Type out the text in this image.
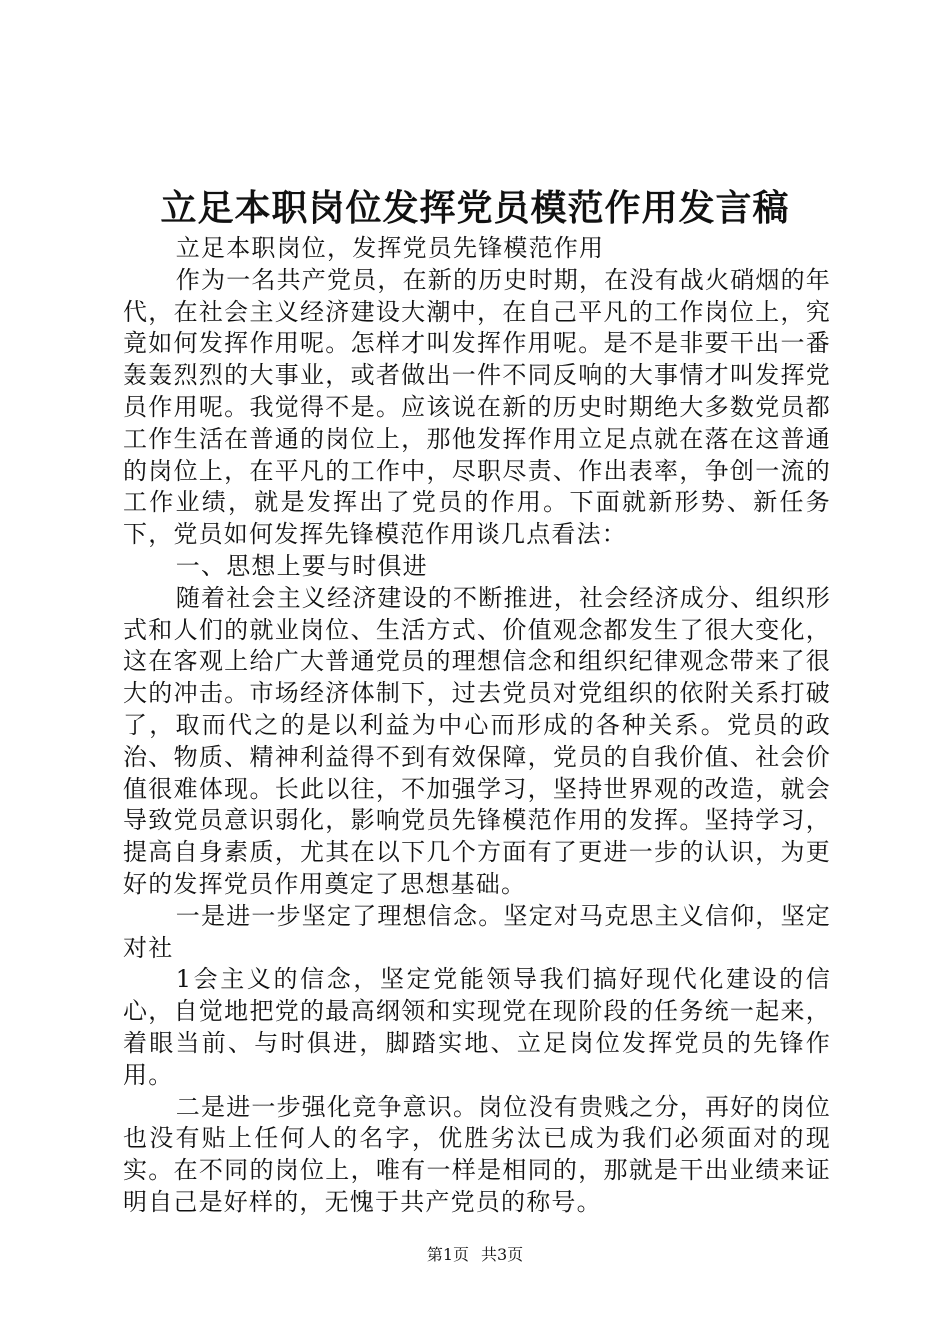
立足本职岗位发挥党员模范作用发言稿

立足本职岗位，发挥党员先锋模范作用

作为一名共产党员，在新的历史时期，在没有战火硝烟的年代，在社会主义经济建设大潮中，在自己平凡的工作岗位上，究竟如何发挥作用呢。怎样才叫发挥作用呢。是不是非要干出一番轰轰烈烈的大事业，或者做出一件不同反响的大事情才叫发挥党员作用呢。我觉得不是。应该说在新的历史时期绝大多数党员都工作生活在普通的岗位上，那他发挥作用立足点就在落在这普通的岗位上，在平凡的工作中，尽职尽责、作出表率，争创一流的工作业绩，就是发挥出了党员的作用。下面就新形势、新任务下，党员如何发挥先锋模范作用谈几点看法：

一、思想上要与时俱进

随着社会主义经济建设的不断推进，社会经济成分、组织形式和人们的就业岗位、生活方式、价值观念都发生了很大变化，这在客观上给广大普通党员的理想信念和组织纪律观念带来了很大的冲击。市场经济体制下，过去党员对党组织的依附关系打破了，取而代之的是以利益为中心而形成的各种关系。党员的政治、物质、精神利益得不到有效保障，党员的自我价值、社会价值很难体现。长此以往，不加强学习，坚持世界观的改造，就会导致党员意识弱化，影响党员先锋模范作用的发挥。坚持学习，提高自身素质，尤其在以下几个方面有了更进一步的认识，为更好的发挥党员作用奠定了思想基础。

一是进一步坚定了理想信念。坚定对马克思主义信仰，坚定对社

1会主义的信念，坚定党能领导我们搞好现代化建设的信心，自觉地把党的最高纲领和实现党在现阶段的任务统一起来，着眼当前、与时俱进，脚踏实地、立足岗位发挥党员的先锋作用。

二是进一步强化竞争意识。岗位没有贵贱之分，再好的岗位也没有贴上任何人的名字，优胜劣汰已成为我们必须面对的现实。在不同的岗位上，唯有一样是相同的，那就是干出业绩来证明自己是好样的，无愧于共产党员的称号。

第1页 共3页
